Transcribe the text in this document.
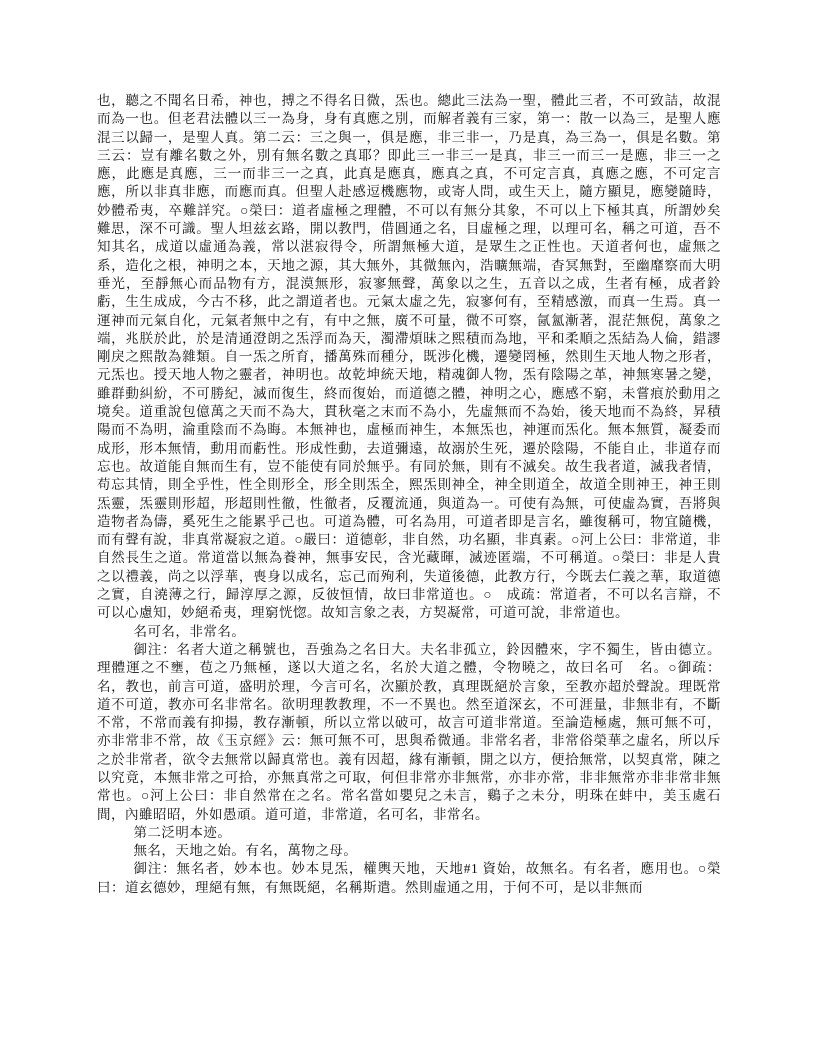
也，聽之不聞名日希，神也，搏之不得名日微，炁也。總此三法為一聖，體此三者，不可致詰，故混而為一也。但老君法體以三一為身，身有真應之別，而解者義有三家，第一：散一以為三，是聖人應混三以歸一，是聖人真。第二云：三之與一，俱是應，非三非一，乃是真，為三為一，俱是名數。第三云：豈有離名數之外，別有無名數之真耶？即此三一非三一是真，非三一而三一是應，非三一之應，此應是真應，三一而非三一之真，此真是應真，應真之真，不可定言真，真應之應，不可定言應，所以非真非應，而應而真。但聖人赴感逗機應物，或寄人問，或生天上，隨方顯見，應變隨時，妙體希夷，卒難詳究。○榮曰：道者虛極之理體，不可以有無分其象，不可以上下極其真，所謂妙矣難思，深不可識。聖人坦兹玄路，開以教門，借圓通之名，目虛極之理，以理可名，稱之可道，吾不知其名，成道以虛通為義，常以湛寂得令，所謂無極大道，是眾生之正性也。天道者何也，虛無之系，造化之根，神明之本，天地之源，其大無外，其微無內，浩曠無端，杳冥無對，至幽靡察而大明垂光，至靜無心而品物有方，混漠無形，寂寥無聲，萬象以之生，五音以之成，生者有極，成者鈴虧，生生成成，今古不移，此之謂道者也。元氣太虛之先，寂寥何有，至精感激，而真一生焉。真一運神而元氣自化，元氣者無中之有，有中之無，廣不可量，微不可察，氤氳漸著，混茫無倪，萬象之端，兆朕於此，於是清通澄朗之炁浮而為天，濁滯煩昧之熙積而為地，平和柔順之炁結為人倫，錯謬剛戾之熙散為雜類。自一炁之所育，播萬殊而種分，既涉化機，遷變罔極，然則生天地人物之形者，元炁也。授天地人物之靈者，神明也。故乾坤統天地，精魂御人物，炁有陰陽之革，神無寒暑之變，雖群動糾紛，不可勝紀，滅而復生，終而復始，而道德之體，神明之心，應感不窮，未嘗痕於動用之境矣。道重說包億萬之天而不為大，貫秋毫之末而不為小，先虛無而不為始，後天地而不為終，昇積陽而不為明，淪重陰而不為晦。本無神也，虛極而神生，本無炁也，神運而炁化。無本無質，凝委而成形，形本無情，動用而虧性。形成性動，去道彌遠，故溺於生死，遷於陰陽，不能自止，非道存而忘也。故道能自無而生有，豈不能使有同於無乎。有同於無，則有不滅矣。故生我者道，滅我者情，苟忘其情，則全乎性，性全則形全，形全則炁全，熙炁則神全，神全則道全，故道全則神王，神王則炁靈，炁靈則形超，形超則性徹，性徹者，反覆流通，與道為一。可使有為無，可使虛為實，吾將與造物者為儔，奚死生之能累乎己也。可道為體，可名為用，可道者即是言名，雖復稱可，物宜隨機，而有聲有說，非真常凝寂之道。○嚴曰：道德彰，非自然，功名顯，非真素。○河上公曰：非常道，非自然長生之道。常道當以無為養神，無事安民，含光藏暉，滅迹匿端，不可稱道。○榮曰：非是人貴之以禮義，尚之以浮華，喪身以成名，忘己而殉利，失道後德，此教方行，今既去仁義之華，取道德之實，自澆薄之行，歸淳厚之源，反彼恒情，故曰非常道也。○　成疏：常道者，不可以名言辯，不可以心慮知，妙絕希夷，理窮恍惚。故知言象之表，方契凝常，可道可說，非常道也。

名可名，非常名。

御注：名者大道之稱號也，吾強為之名日大。夫名非孤立，鈴因體來，字不獨生，皆由德立。理體運之不壅，苞之乃無極，遂以大道之名，名於大道之體，令物曉之，故曰名可　名。○御疏：名，教也，前言可道，盛明於理，今言可名，次顯於教，真理既絕於言象，至教亦超於聲說。理既常道不可道，教亦可名非常名。欲明理教教理，不一不異也。然至道深玄，不可涯量，非無非有，不斷不常，不常而義有抑揚，教存漸頓，所以立常以破可，故言可道非常道。至論造極處，無可無不可，亦非常非不常，故《玉京經》云：無可無不可，思與希微通。非常名者，非常俗榮華之虛名，所以斥之於非常者，欲令去無常以歸真常也。義有因超，緣有漸頓，開之以方，便拾無常，以契真常，陳之以究竟，本無非常之可拾，亦無真常之可取，何但非常亦非無常，亦非亦常，非非無常亦非非常非無常也。○河上公曰：非自然常在之名。常名當如嬰兒之未言，鷄子之未分，明珠在蚌中，美玉處石間，內雖昭昭，外如愚頑。道可道，非常道，名可名，非常名。

第二泛明本迹。

無名，天地之始。有名，萬物之母。

御注：無名者，妙本也。妙本見炁，權輿天地，天地#1 資始，故無名。有名者，應用也。○榮曰：道玄德妙，理絕有無，有無既絕，名稱斯遣。然則虛通之用，于何不可，是以非無而
